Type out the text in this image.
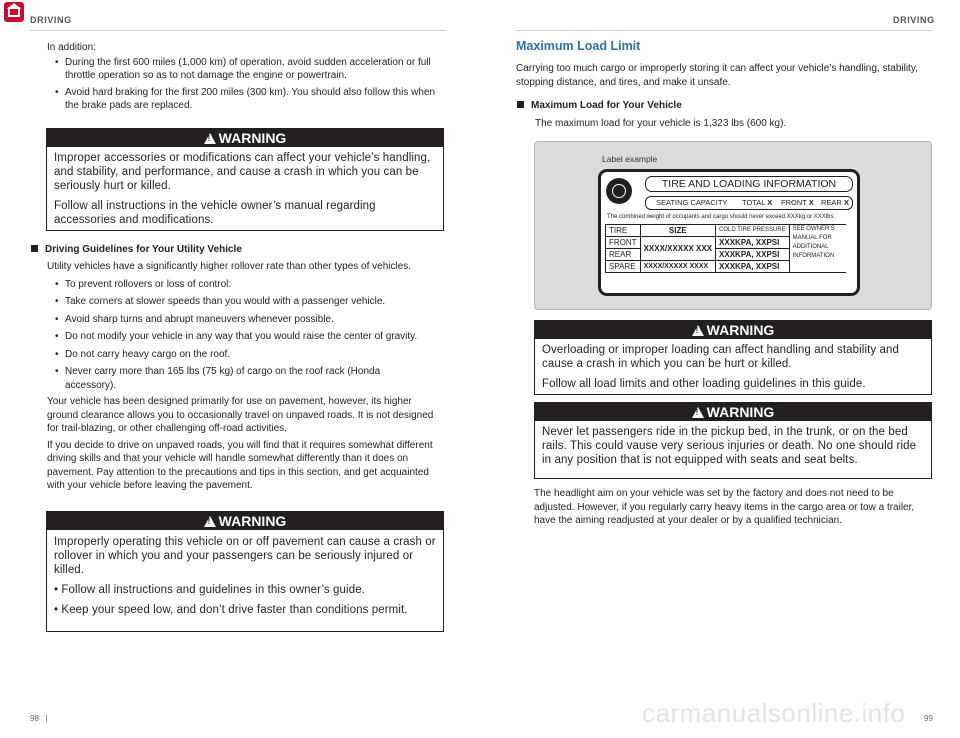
DRIVING	DRIVING
In addition:
• During the first 600 miles (1,000 km) of operation, avoid sudden acceleration or full throttle operation so as to not damage the engine or powertrain.
• Avoid hard braking for the first 200 miles (300 km). You should also follow this when the brake pads are replaced.
!WARNING

Improper accessories or modifications can affect your vehicle’s handling, and stability, and performance, and cause a crash in which you can be seriously hurt or killed.

Follow all instructions in the vehicle owner’s manual regarding accessories and modifications.

Driving Guidelines for Your Utility Vehicle
Utility vehicles have a significantly higher rollover rate than other types of vehicles.
• To prevent rollovers or loss of control:
• Take corners at slower speeds than you would with a passenger vehicle.
• Avoid sharp turns and abrupt maneuvers whenever possible.
• Do not modify your vehicle in any way that you would raise the center of gravity.
• Do not carry heavy cargo on the roof.
• Never carry more than 165 lbs (75 kg) of cargo on the roof rack (Honda accessory).
Your vehicle has been designed primarily for use on pavement, however, its higher ground clearance allows you to occasionally travel on unpaved roads. It is not designed for trail-blazing, or other challenging off-road activities.
If you decide to drive on unpaved roads, you will find that it requires somewhat different driving skills and that your vehicle will handle somewhat differently than it does on pavement. Pay attention to the precautions and tips in this section, and get acquainted with your vehicle before leaving the pavement.
!WARNING

Improperly operating this vehicle on or off pavement can cause a crash or rollover in which you and your passengers can be seriously injured or killed.

• Follow all instructions and guidelines in this owner’s guide.

• Keep your speed low, and don’t drive faster than conditions permit.

98   |
Maximum Load Limit
Carrying too much cargo or improperly storing it can affect your vehicle’s handling, stability, stopping distance, and tires, and make it unsafe.
Maximum Load for Your Vehicle
The maximum load for your vehicle is 1,323 lbs (600 kg).
Label example
TIRE AND LOADING INFORMATION
SEATING CAPACITY TOTAL X FRONT X REAR X
The combined weight of occupants and cargo should never exceed XXXkg or XXXlbs.
TIRE	SIZE	COLD TIRE PRESSURE	SEE OWNER’S MANUAL FOR ADDITIONAL INFORMATION
FRONT	XXXX/XXXXX XXX	XXXKPA, XXPSI	
REAR		XXXKPA, XXPSI	
SPARE	XXXX/XXXXX XXXX	XXXKPA, XXPSI	
!WARNING

Overloading or improper loading can affect handling and stability and cause a crash in which you can be hurt or killed.

Follow all load limits and other loading guidelines in this guide.

!WARNING

Never let passengers ride in the pickup bed, in the trunk, or on the bed rails. This could vause very serious injuries or death. No one should ride in any position that is not equipped with seats and seat belts.

The headlight aim on your vehicle was set by the factory and does not need to be adjusted. However, if you regularly carry heavy items in the cargo area or tow a trailer, have the aiming readjusted at your dealer or by a qualified technician.
99
carmanualsonline.info
